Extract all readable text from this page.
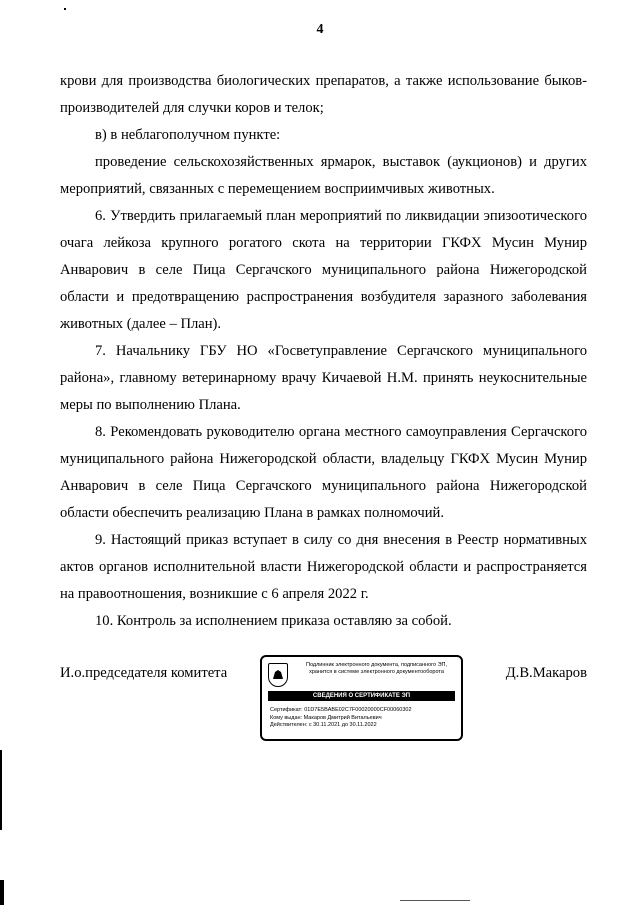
4

крови для производства биологических препаратов, а также использование быков-производителей для случки коров и телок;

в) в неблагополучном пункте:

проведение сельскохозяйственных ярмарок, выставок (аукционов) и других мероприятий, связанных с перемещением восприимчивых животных.

6. Утвердить прилагаемый план мероприятий по ликвидации эпизоотического очага лейкоза крупного рогатого скота на территории ГКФХ Мусин Мунир Анварович в селе Пица Сергачского муниципального района Нижегородской области и предотвращению распространения возбудителя заразного заболевания животных (далее – План).

7. Начальнику ГБУ НО «Госветуправление Сергачского муниципального района», главному ветеринарному врачу Кичаевой Н.М. принять неукоснительные меры по выполнению Плана.

8. Рекомендовать руководителю органа местного самоуправления Сергачского муниципального района Нижегородской области, владельцу ГКФХ Мусин Мунир Анварович в селе Пица Сергачского муниципального района Нижегородской области обеспечить реализацию Плана в рамках полномочий.

9. Настоящий приказ вступает в силу со дня внесения в Реестр нормативных актов органов исполнительной власти Нижегородской области и распространяется на правоотношения, возникшие с 6 апреля 2022 г.

10. Контроль за исполнением приказа оставляю за собой.

И.о.председателя комитета	Подлинник электронного документа, подписанного ЭП, хранится в системе электронного документооборота
СВЕДЕНИЯ О СЕРТИФИКАТЕ ЭП
Сертификат: 01D7E5BABE02C7F00020000CF00060302
Кому выдан: Макаров Дмитрий Витальевич
Действителен: с 30.11.2021 до 30.11.2022
Д.В.Макаров
